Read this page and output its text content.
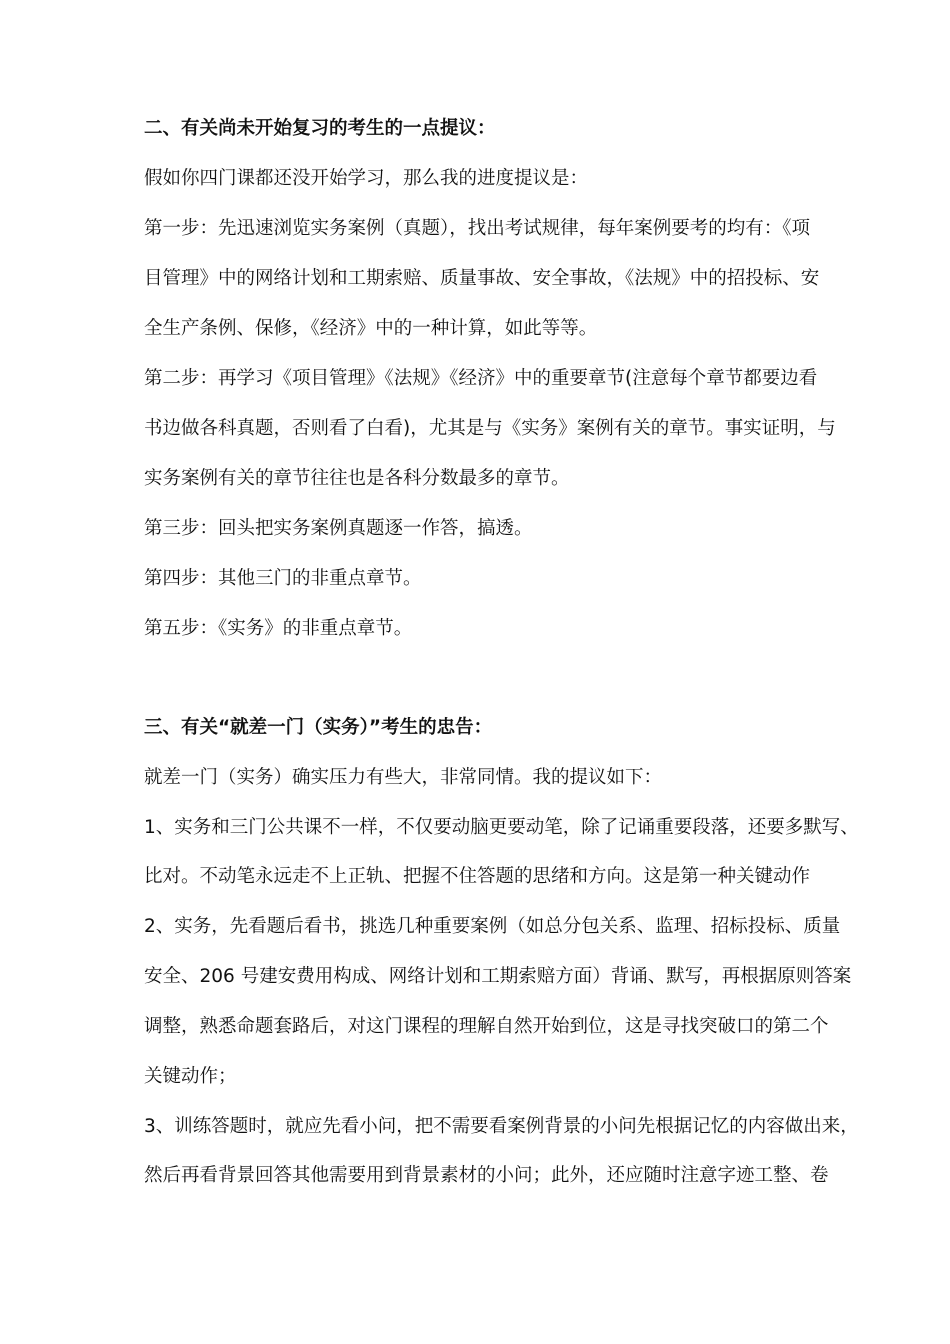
二、有关尚未开始复习的考生的一点提议：

假如你四门课都还没开始学习，那么我的进度提议是：

第一步：先迅速浏览实务案例（真题），找出考试规律，每年案例要考的均有：《项

目管理》中的网络计划和工期索赔、质量事故、安全事故，《法规》中的招投标、安

全生产条例、保修，《经济》中的一种计算，如此等等。

第二步：再学习《项目管理》《法规》《经济》中的重要章节(注意每个章节都要边看

书边做各科真题，否则看了白看)，尤其是与《实务》案例有关的章节。事实证明，与

实务案例有关的章节往往也是各科分数最多的章节。

第三步：回头把实务案例真题逐一作答，搞透。

第四步：其他三门的非重点章节。

第五步：《实务》的非重点章节。

三、有关“就差一门（实务）”考生的忠告：

就差一门（实务）确实压力有些大，非常同情。我的提议如下：

1、实务和三门公共课不一样，不仅要动脑更要动笔，除了记诵重要段落，还要多默写、

比对。不动笔永远走不上正轨、把握不住答题的思绪和方向。这是第一种关键动作

2、实务，先看题后看书，挑选几种重要案例（如总分包关系、监理、招标投标、质量

安全、206 号建安费用构成、网络计划和工期索赔方面）背诵、默写，再根据原则答案

调整，熟悉命题套路后，对这门课程的理解自然开始到位，这是寻找突破口的第二个

关键动作；

3、训练答题时，就应先看小问，把不需要看案例背景的小问先根据记忆的内容做出来，

然后再看背景回答其他需要用到背景素材的小问；此外，还应随时注意字迹工整、卷
